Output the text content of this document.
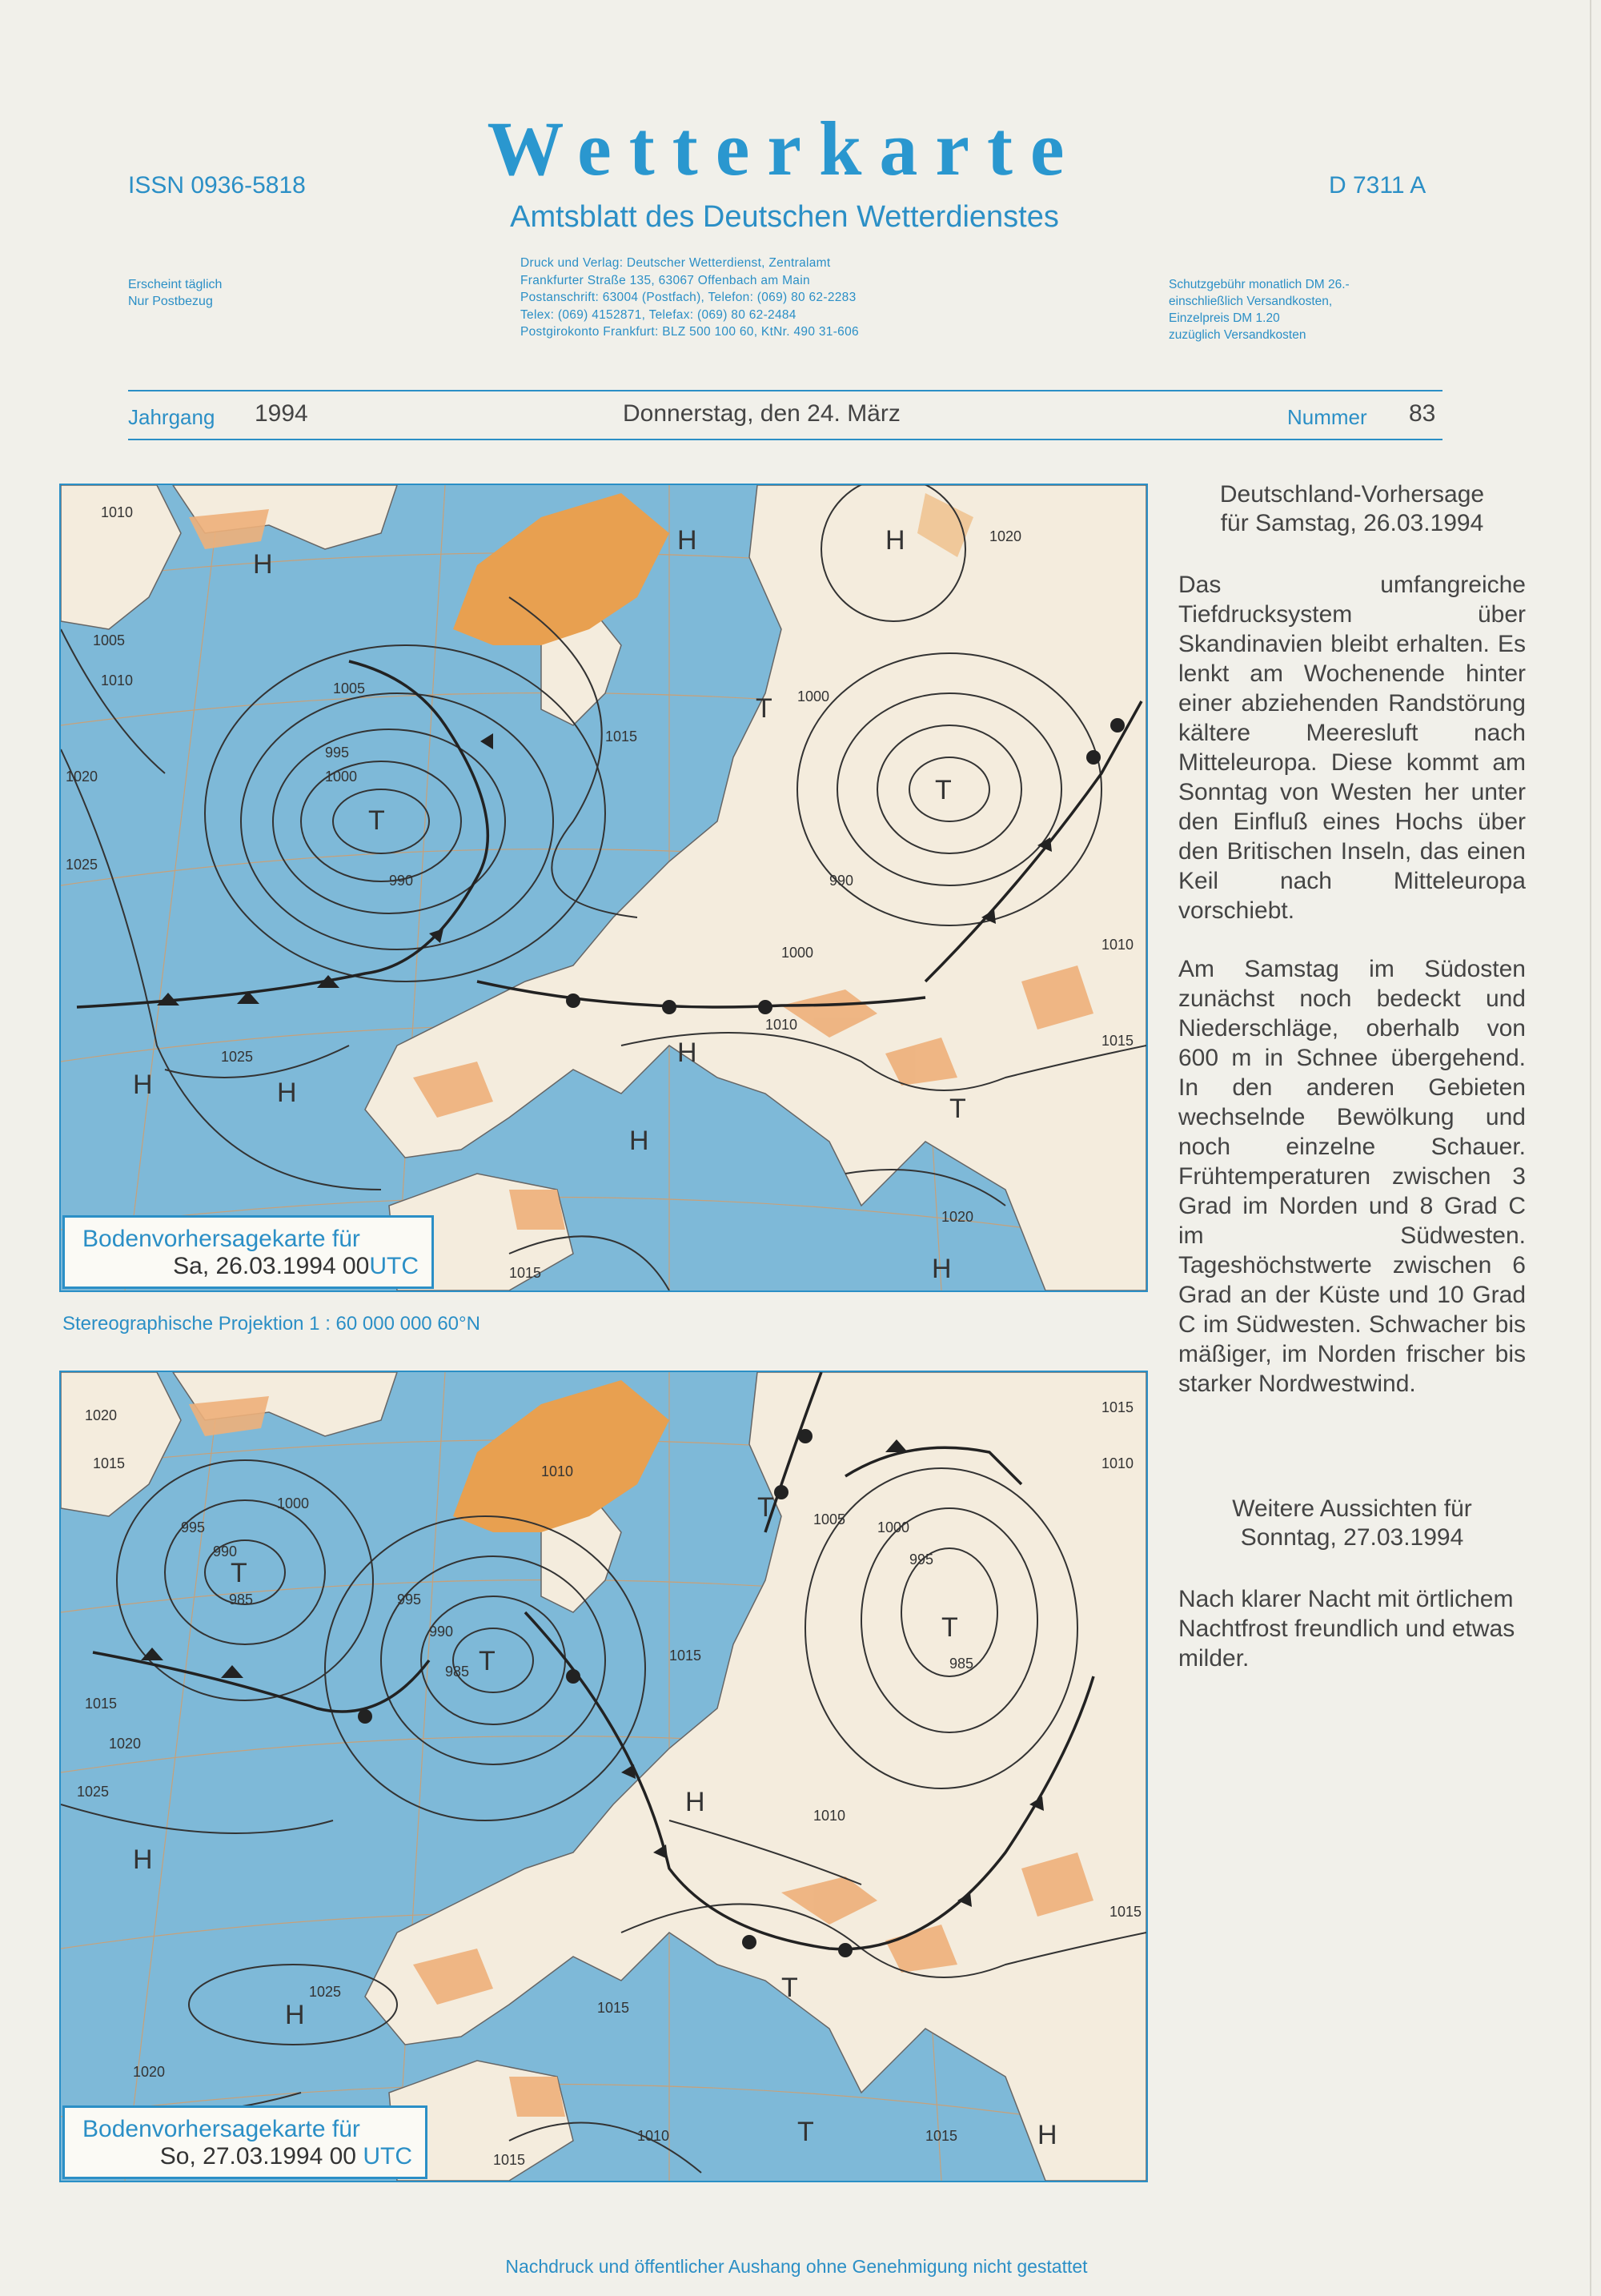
Wetterkarte
Amtsblatt des Deutschen Wetterdienstes
ISSN 0936-5818	D 7311 A
Erscheint täglich
Nur Postbezug
Druck und Verlag: Deutscher Wetterdienst, Zentralamt
Frankfurter Straße 135, 63067 Offenbach am Main
Postanschrift: 63004 (Postfach), Telefon: (069) 80 62-2283
Telex: (069) 4152871, Telefax: (069) 80 62-2484
Postgirokonto Frankfurt: BLZ 500 100 60, KtNr. 490 31-606
Schutzgebühr monatlich DM 26.-
einschließlich Versandkosten,
Einzelpreis DM 1.20
zuzüglich Versandkosten
Jahrgang 1994	Donnerstag, den 24. März	Nummer 83
T
T
T
T
H
H	H
H	H
H
H
H
990
1000
1005
995
990
1000
1000
1010
1010
1025
1020
1025
1005
1010
1010
1015
1020
1020
1015
1015
Bodenvorhersagekarte für
Sa, 26.03.1994 00UTC
Stereographische Projektion 1 : 60 000 000 60°N
T
T
T
T
T
T
H
H
H
H
985
990
995
985
990
995
1000
985
995
1000
1005
1010
1010
1015
1015
1020
1025
1025
1020
1020
1015
1015
1010
1015
1015
1010
1015
1015
Bodenvorhersagekarte für
So, 27.03.1994 00 UTC
Deutschland-Vorhersage
für Samstag, 26.03.1994

Das umfangreiche Tiefdrucksystem über Skandinavien bleibt erhalten. Es lenkt am Wochenende hinter einer abziehenden Randstörung kältere Meeresluft nach Mitteleuropa. Diese kommt am Sonntag von Westen her unter den Einfluß eines Hochs über den Britischen Inseln, das einen Keil nach Mitteleuropa vorschiebt.

Am Samstag im Südosten zunächst noch bedeckt und Niederschläge, oberhalb von 600 m in Schnee übergehend. In den anderen Gebieten wechselnde Bewölkung und noch einzelne Schauer. Frühtemperaturen zwischen 3 Grad im Norden und 8 Grad C im Südwesten. Tageshöchstwerte zwischen 6 Grad an der Küste und 10 Grad C im Südwesten. Schwacher bis mäßiger, im Norden frischer bis starker Nordwestwind.

Weitere Aussichten für
Sonntag, 27.03.1994

Nach klarer Nacht mit örtlichem Nachtfrost freundlich und etwas milder.

Nachdruck und öffentlicher Aushang ohne Genehmigung nicht gestattet
